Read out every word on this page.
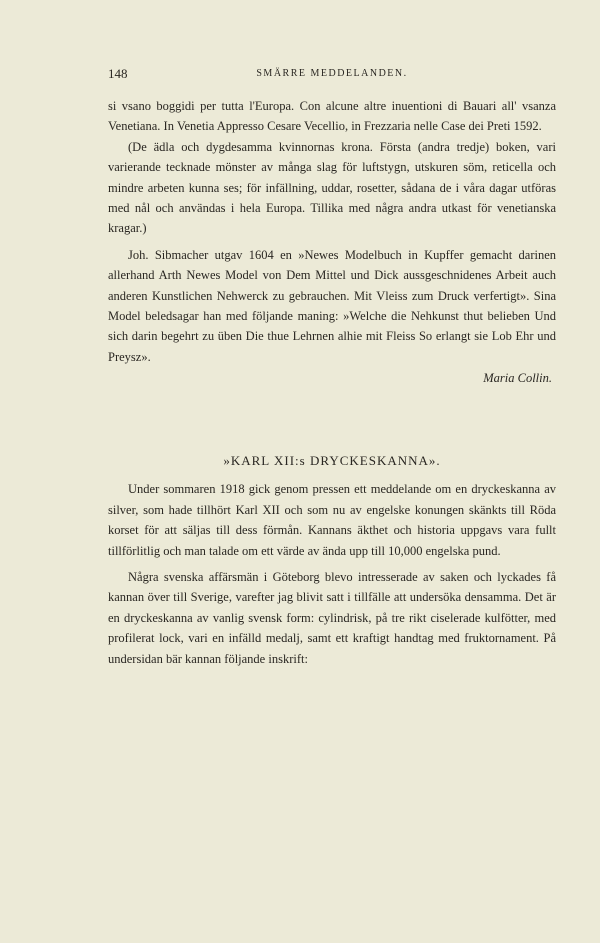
148	SMÄRRE MEDDELANDEN.

si vsano boggidi per tutta l'Europa. Con alcune altre inuentioni di Bauari all' vsanza Venetiana. In Venetia Appresso Cesare Vecellio, in Frezzaria nelle Case dei Preti 1592.

(De ädla och dygdesamma kvinnornas krona. Första (andra tredje) boken, vari varierande tecknade mönster av många slag för luftstygn, utskuren söm, reticella och mindre arbeten kunna ses; för infällning, uddar, rosetter, sådana de i våra dagar utföras med nål och användas i hela Europa. Tillika med några andra utkast för venetianska kragar.)

Joh. Sibmacher utgav 1604 en »Newes Modelbuch in Kupffer gemacht darinen allerhand Arth Newes Model von Dem Mittel und Dick aussgeschnidenes Arbeit auch anderen Kunstlichen Nehwerck zu gebrauchen. Mit Vleiss zum Druck verfertigt». Sina Model beledsagar han med följande maning: »Welche die Nehkunst thut belieben Und sich darin begehrt zu üben Die thue Lehrnen alhie mit Fleiss So erlangt sie Lob Ehr und Preysz».

Maria Collin.
»KARL XII:s DRYCKESKANNA».

Under sommaren 1918 gick genom pressen ett meddelande om en dryckeskanna av silver, som hade tillhört Karl XII och som nu av engelske konungen skänkts till Röda korset för att säljas till dess förmån. Kannans äkthet och historia uppgavs vara fullt tillförlitlig och man talade om ett värde av ända upp till 10,000 engelska pund.

Några svenska affärsmän i Göteborg blevo intresserade av saken och lyckades få kannan över till Sverige, varefter jag blivit satt i tillfälle att undersöka densamma. Det är en dryckeskanna av vanlig svensk form: cylindrisk, på tre rikt ciselerade kulfötter, med profilerat lock, vari en infälld medalj, samt ett kraftigt handtag med fruktornament. På undersidan bär kannan följande inskrift:
